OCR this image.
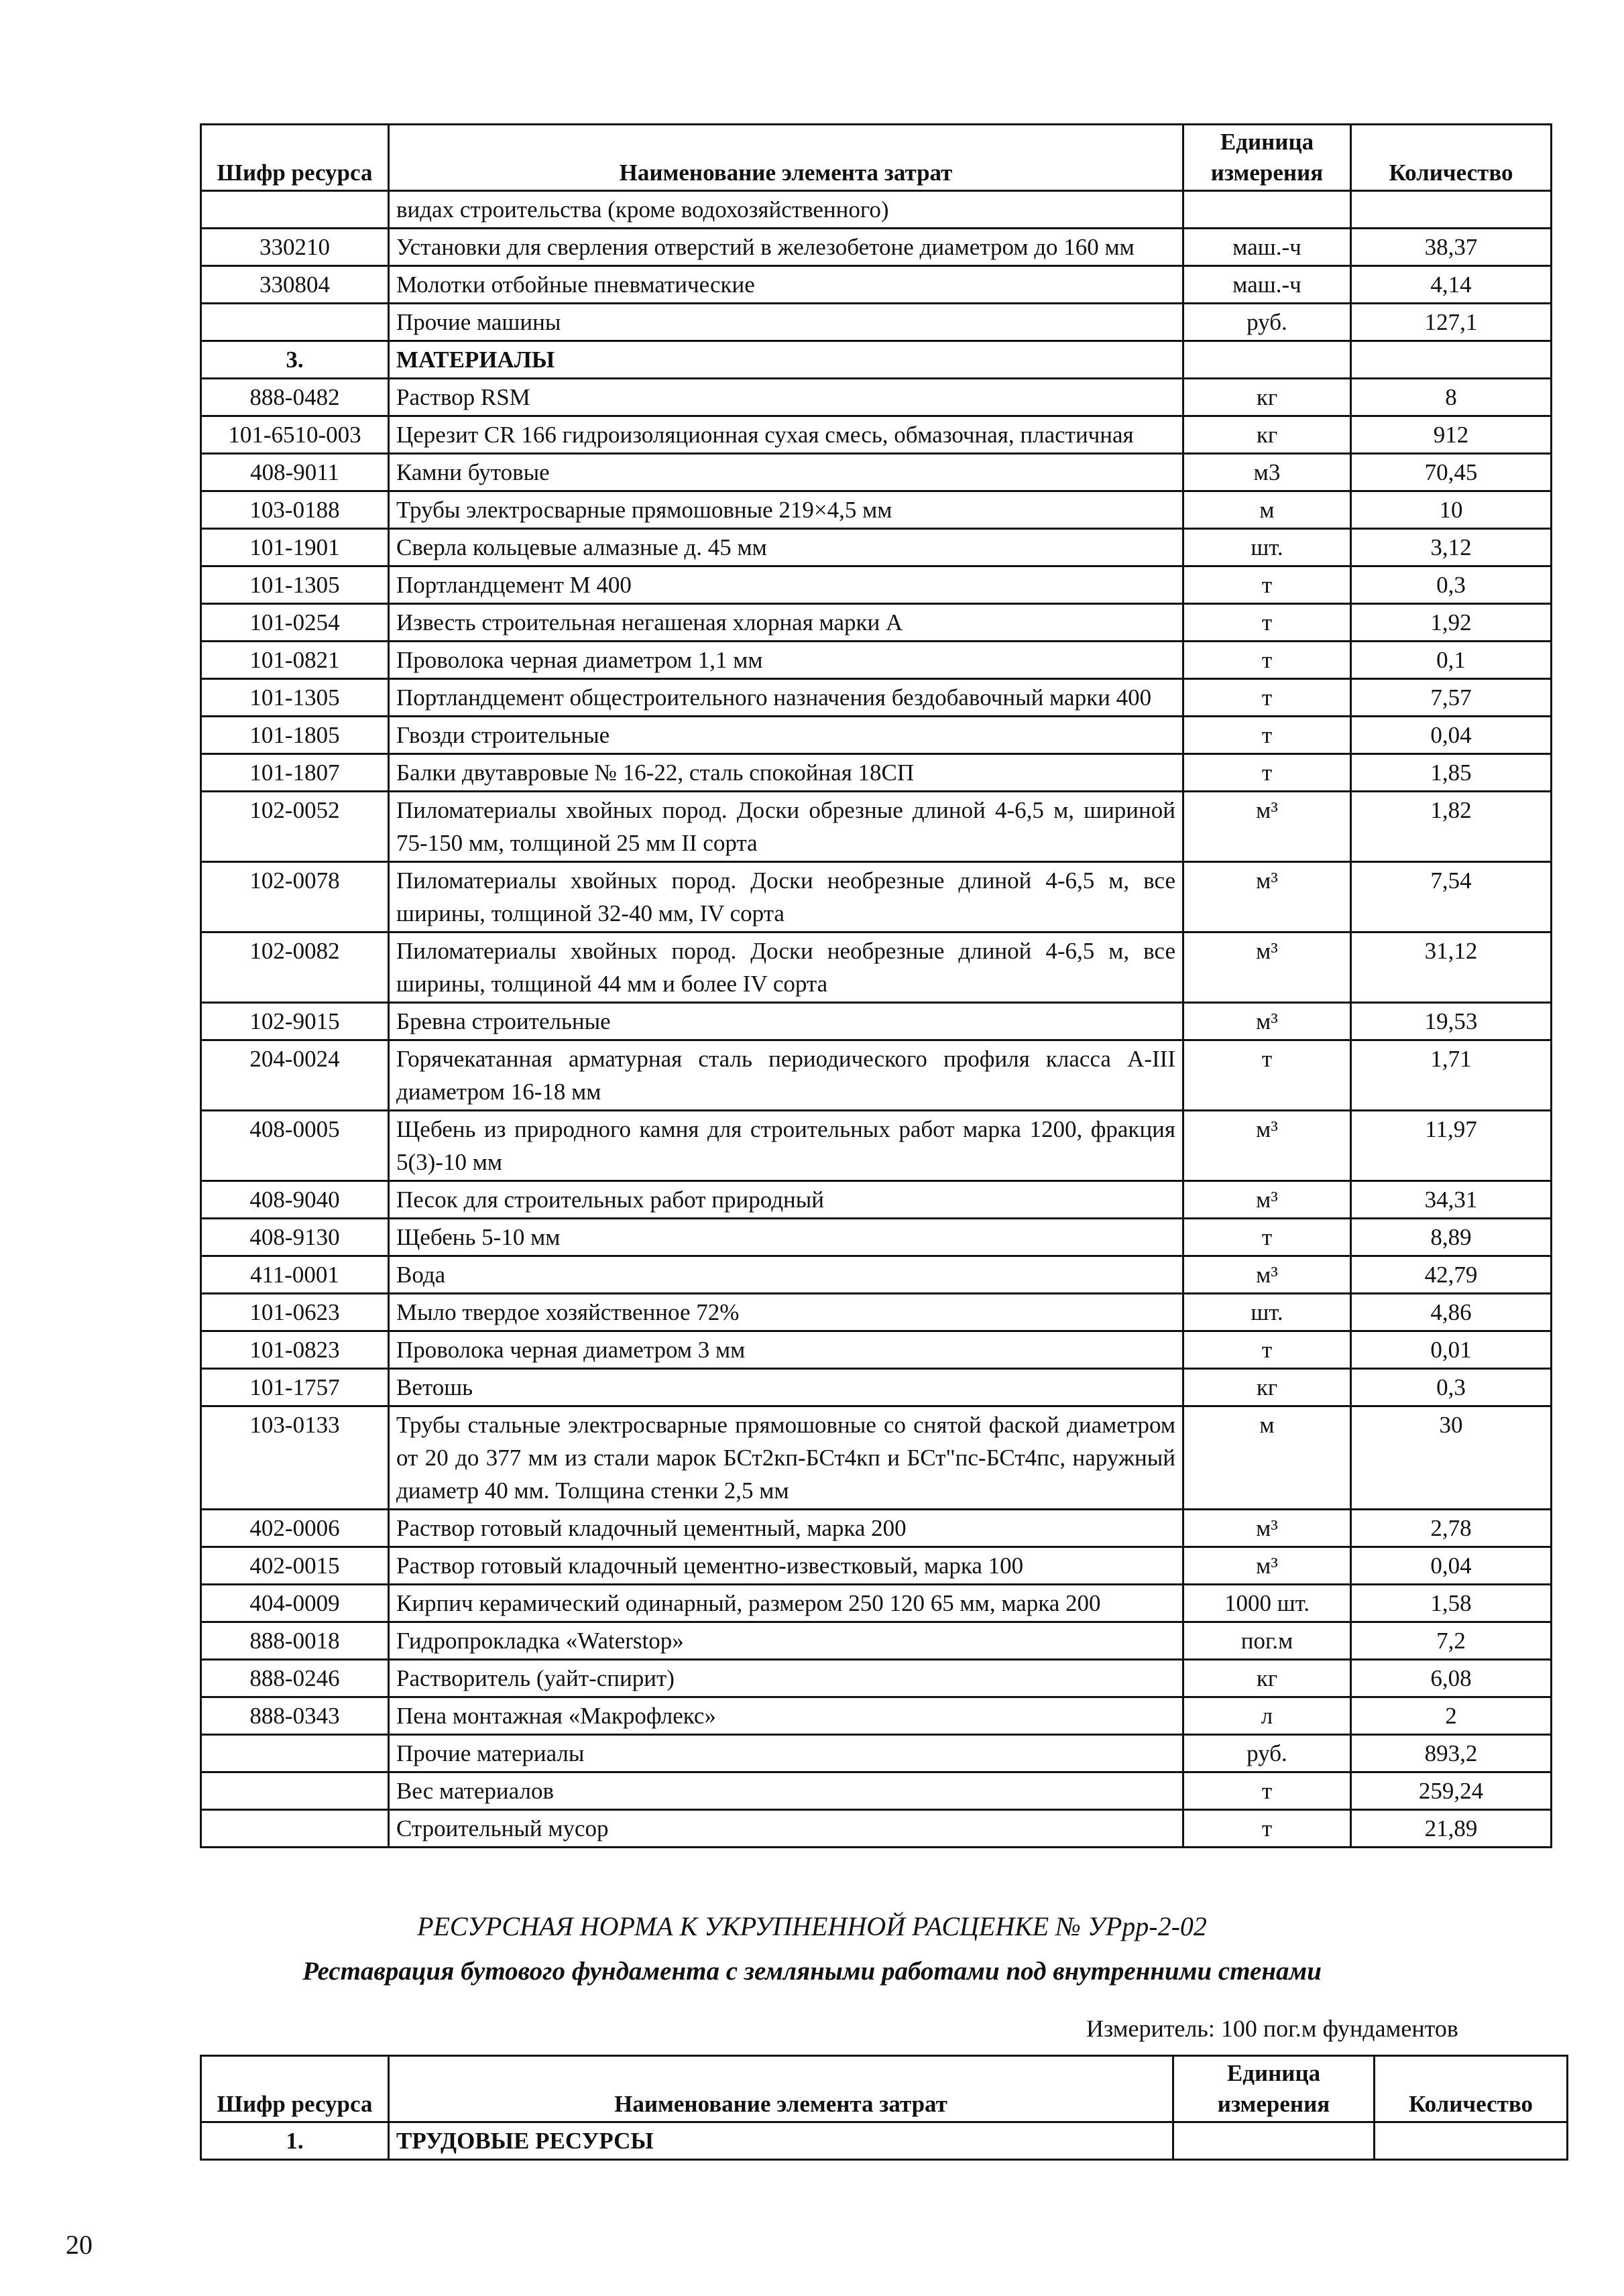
Шифр ресурса	Наименование элемента затрат	Единица измерения	Количество
	видах строительства (кроме водохозяйственного)		
330210	Установки для сверления отверстий в железобетоне диаметром до 160 мм	маш.-ч	38,37
330804	Молотки отбойные пневматические	маш.-ч	4,14
	Прочие машины	руб.	127,1
3.	МАТЕРИАЛЫ		
888-0482	Раствор RSM	кг	8
101-6510-003	Церезит CR 166 гидроизоляционная сухая смесь, обмазочная, пластичная	кг	912
408-9011	Камни бутовые	м3	70,45
103-0188	Трубы электросварные прямошовные 219×4,5 мм	м	10
101-1901	Сверла кольцевые алмазные д. 45 мм	шт.	3,12
101-1305	Портландцемент М 400	т	0,3
101-0254	Известь строительная негашеная хлорная марки А	т	1,92
101-0821	Проволока черная диаметром 1,1 мм	т	0,1
101-1305	Портландцемент общестроительного назначения бездобавочный марки 400	т	7,57
101-1805	Гвозди строительные	т	0,04
101-1807	Балки двутавровые № 16-22, сталь спокойная 18СП	т	1,85
102-0052	Пиломатериалы хвойных пород. Доски обрезные длиной 4-6,5 м, шириной 75-150 мм, толщиной 25 мм II сорта	м³	1,82
102-0078	Пиломатериалы хвойных пород. Доски необрезные длиной 4-6,5 м, все ширины, толщиной 32-40 мм, IV сорта	м³	7,54
102-0082	Пиломатериалы хвойных пород. Доски необрезные длиной 4-6,5 м, все ширины, толщиной 44 мм и более IV сорта	м³	31,12
102-9015	Бревна строительные	м³	19,53
204-0024	Горячекатанная арматурная сталь периодического профиля класса А-III диаметром 16-18 мм	т	1,71
408-0005	Щебень из природного камня для строительных работ марка 1200, фракция 5(3)-10 мм	м³	11,97
408-9040	Песок для строительных работ природный	м³	34,31
408-9130	Щебень 5-10 мм	т	8,89
411-0001	Вода	м³	42,79
101-0623	Мыло твердое хозяйственное 72%	шт.	4,86
101-0823	Проволока черная диаметром 3 мм	т	0,01
101-1757	Ветошь	кг	0,3
103-0133	Трубы стальные электросварные прямошовные со снятой фаской диаметром от 20 до 377 мм из стали марок БСт2кп-БСт4кп и БСт"пс-БСт4пс, наружный диаметр 40 мм. Толщина стенки 2,5 мм	м	30
402-0006	Раствор готовый кладочный цементный, марка 200	м³	2,78
402-0015	Раствор готовый кладочный цементно-известковый, марка 100	м³	0,04
404-0009	Кирпич керамический одинарный, размером 250 120 65 мм, марка 200	1000 шт.	1,58
888-0018	Гидропрокладка «Waterstop»	пог.м	7,2
888-0246	Растворитель (уайт-спирит)	кг	6,08
888-0343	Пена монтажная «Макрофлекс»	л	2
	Прочие материалы	руб.	893,2
	Вес материалов	т	259,24
	Строительный мусор	т	21,89
РЕСУРСНАЯ НОРМА К УКРУПНЕННОЙ РАСЦЕНКЕ № УРрр-2-02
Реставрация бутового фундамента с земляными работами под внутренними стенами
Измеритель: 100 пог.м фундаментов
Шифр ресурса	Наименование элемента затрат	Единица измерения	Количество
1.	ТРУДОВЫЕ РЕСУРСЫ		
20
